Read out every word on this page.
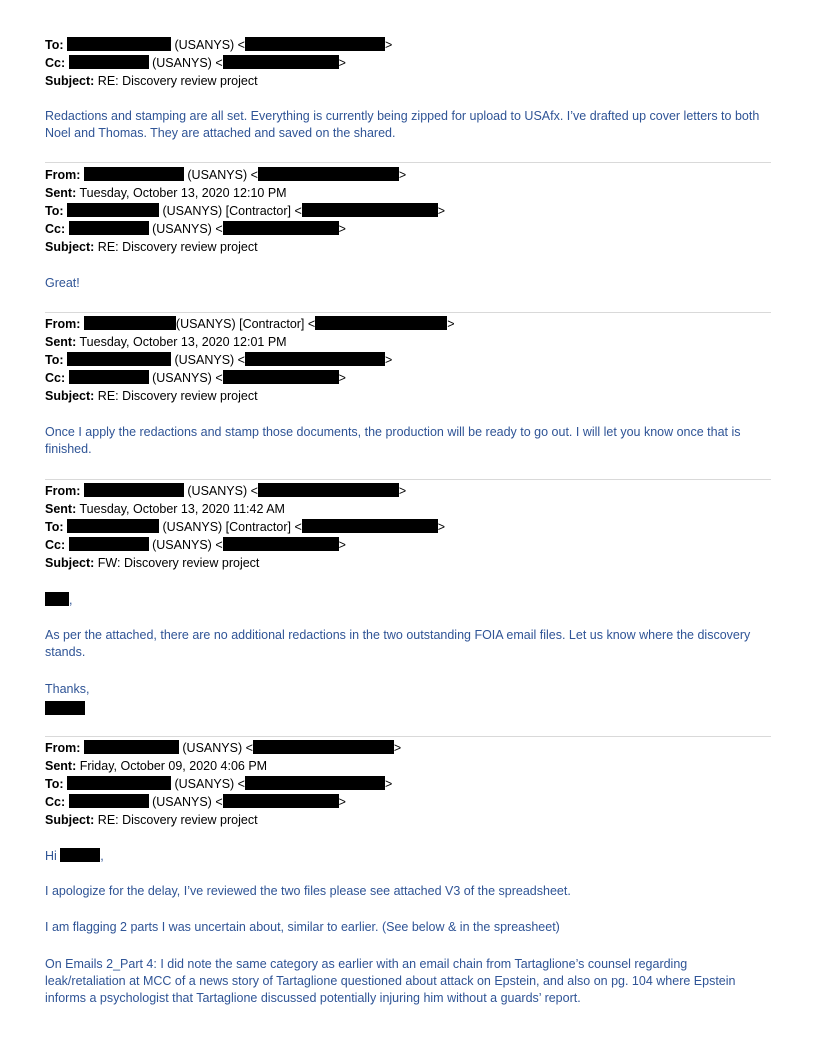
To:	(USANYS) <	>
Cc:	(USANYS) <	>
Subject: RE: Discovery review project
Redactions and stamping are all set. Everything is currently being zipped for upload to USAfx. I’ve drafted up cover letters to both Noel and Thomas. They are attached and saved on the shared.
From:	(USANYS) <	>
Sent: Tuesday, October 13, 2020 12:10 PM
To:	(USANYS) [Contractor] <	>
Cc:	(USANYS) <	>
Subject: RE: Discovery review project
Great!
From:	(USANYS) [Contractor] <	>
Sent: Tuesday, October 13, 2020 12:01 PM
To:	(USANYS) <	>
Cc:	(USANYS) <	>
Subject: RE: Discovery review project
Once I apply the redactions and stamp those documents, the production will be ready to go out. I will let you know once that is finished.
From:	(USANYS) <	>
Sent: Tuesday, October 13, 2020 11:42 AM
To:	(USANYS) [Contractor] <	>
Cc:	(USANYS) <	>
Subject: FW: Discovery review project
,
As per the attached, there are no additional redactions in the two outstanding FOIA email files. Let us know where the discovery stands.
Thanks,
From:	(USANYS) <	>
Sent: Friday, October 09, 2020 4:06 PM
To:	(USANYS) <	>
Cc:	(USANYS) <	>
Subject: RE: Discovery review project
Hi	,
I apologize for the delay, I’ve reviewed the two files please see attached V3 of the spreadsheet.
I am flagging 2 parts I was uncertain about, similar to earlier. (See below & in the spreasheet)
On Emails 2_Part 4: I did note the same category as earlier with an email chain from Tartaglione’s counsel regarding leak/retaliation at MCC of a news story of Tartaglione questioned about attack on Epstein, and also on pg. 104 where Epstein informs a psychologist that Tartaglione discussed potentially injuring him without a guards’ report.
